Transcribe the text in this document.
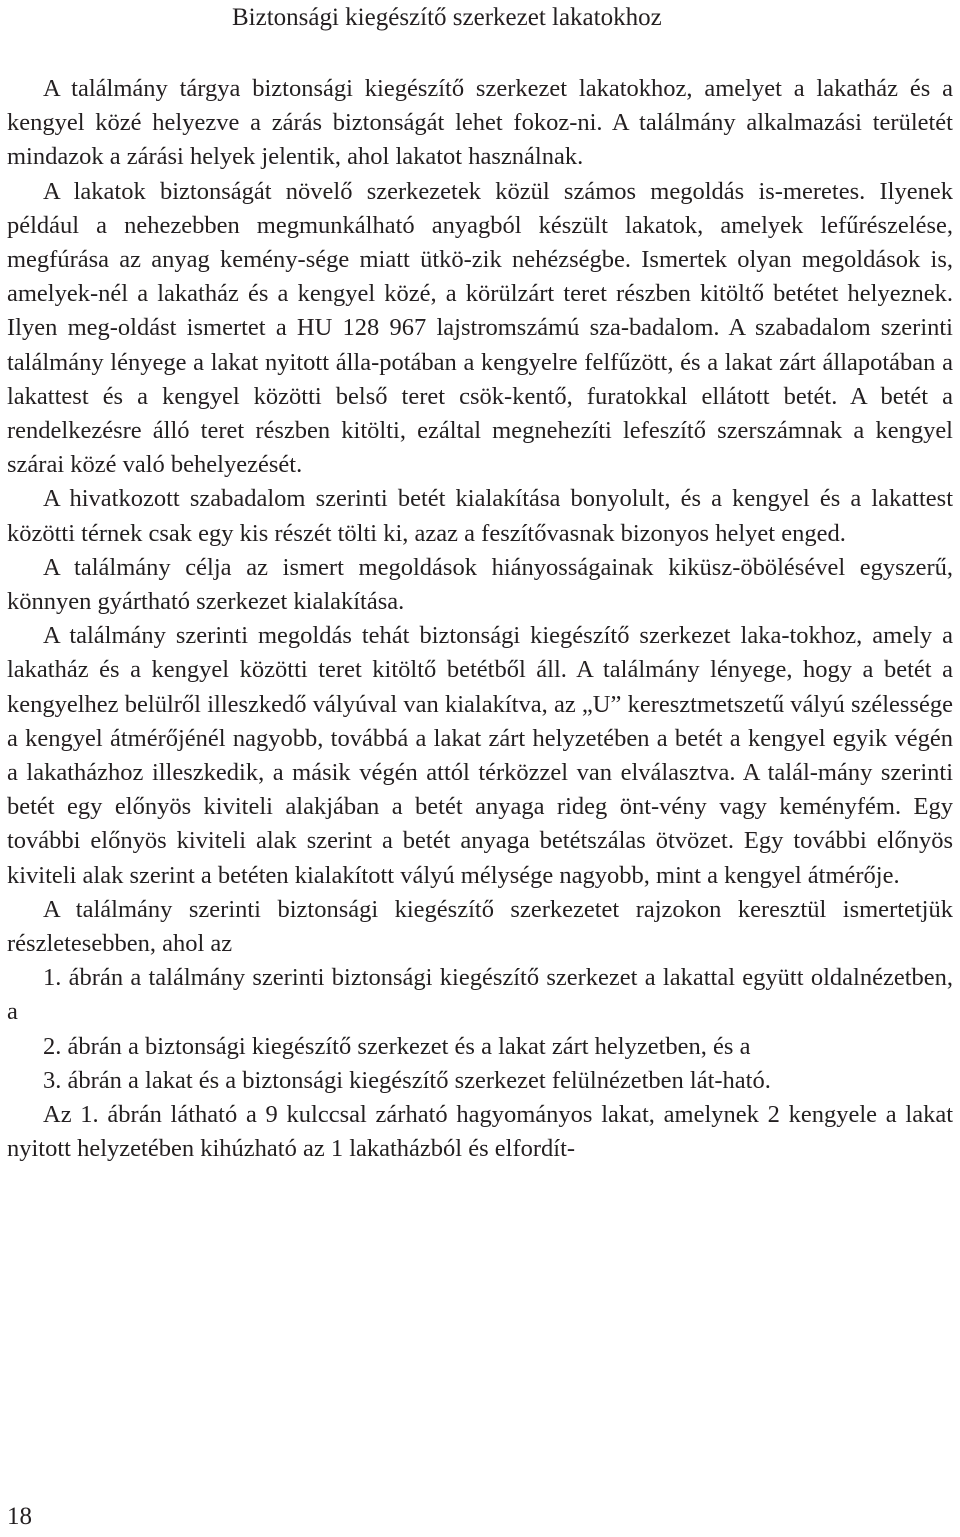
Biztonsági kiegészítő szerkezet lakatokhoz

A találmány tárgya biztonsági kiegészítő szerkezet lakatokhoz, amelyet a lakatház és a kengyel közé helyezve a zárás biztonságát lehet fokoz-ni. A találmány alkalmazási területét mindazok a zárási helyek jelentik, ahol lakatot használnak.

A lakatok biztonságát növelő szerkezetek közül számos megoldás is-meretes. Ilyenek például a nehezebben megmunkálható anyagból készült lakatok, amelyek lefűrészelése, megfúrása az anyag kemény-sége miatt ütkö-zik nehézségbe. Ismertek olyan megoldások is, amelyek-nél a lakatház és a kengyel közé, a körülzárt teret részben kitöltő betétet helyeznek. Ilyen meg-oldást ismertet a HU 128 967 lajstromszámú sza-badalom. A szabadalom szerinti találmány lényege a lakat nyitott álla-potában a kengyelre felfűzött, és a lakat zárt állapotában a lakattest és a kengyel közötti belső teret csök-kentő, furatokkal ellátott betét. A betét a rendelkezésre álló teret részben kitölti, ezáltal megnehezíti lefeszítő szerszámnak a kengyel szárai közé való behelyezését.

A hivatkozott szabadalom szerinti betét kialakítása bonyolult, és a kengyel és a lakattest közötti térnek csak egy kis részét tölti ki, azaz a feszítővasnak bizonyos helyet enged.

A találmány célja az ismert megoldások hiányosságainak kiküsz-öbölésével egyszerű, könnyen gyártható szerkezet kialakítása.

A találmány szerinti megoldás tehát biztonsági kiegészítő szerkezet laka-tokhoz, amely a lakatház és a kengyel közötti teret kitöltő betétből áll. A találmány lényege, hogy a betét a kengyelhez belülről illeszkedő vályúval van kialakítva, az „U” keresztmetszetű vályú szélessége a kengyel átmérőjénél nagyobb, továbbá a lakat zárt helyzetében a betét a kengyel egyik végén a lakatházhoz illeszkedik, a másik végén attól térközzel van elválasztva. A talál-mány szerinti betét egy előnyös kiviteli alakjában a betét anyaga rideg önt-vény vagy keményfém. Egy további előnyös kiviteli alak szerint a betét anyaga betétszálas ötvözet. Egy további előnyös kiviteli alak szerint a betéten kialakított vályú mélysége nagyobb, mint a kengyel átmérője.

A találmány szerinti biztonsági kiegészítő szerkezetet rajzokon keresztül ismertetjük részletesebben, ahol az

1. ábrán a találmány szerinti biztonsági kiegészítő szerkezet a lakattal együtt oldalnézetben, a

2. ábrán a biztonsági kiegészítő szerkezet és a lakat zárt helyzetben, és a

3. ábrán a lakat és a biztonsági kiegészítő szerkezet felülnézetben lát-ható.

Az 1. ábrán látható a 9 kulccsal zárható hagyományos lakat, amelynek 2 kengyele a lakat nyitott helyzetében kihúzható az 1 lakatházból és elfordít-

18
